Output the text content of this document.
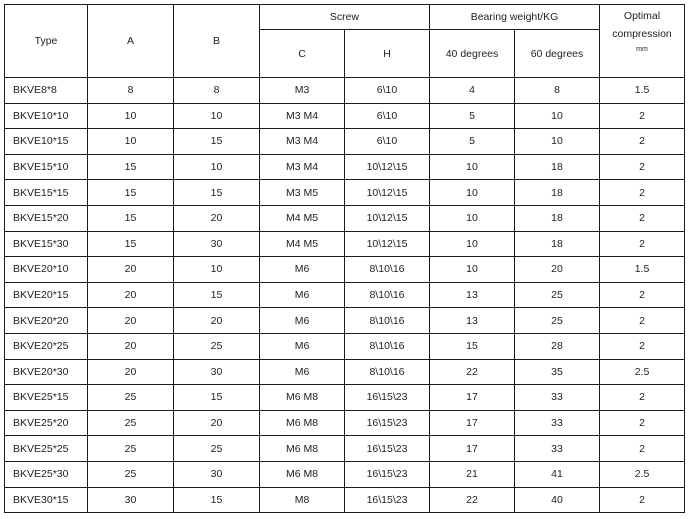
Type	A	B	Screw		Bearing weight/KG		Optimal
compression
mm

			C	H	40 degrees	60 degrees	
BKVE8*8	8	8	M3	6\10	4	8	1.5
BKVE10*10	10	10	M3 M4	6\10	5	10	2
BKVE10*15	10	15	M3 M4	6\10	5	10	2
BKVE15*10	15	10	M3 M4	10\12\15	10	18	2
BKVE15*15	15	15	M3 M5	10\12\15	10	18	2
BKVE15*20	15	20	M4 M5	10\12\15	10	18	2
BKVE15*30	15	30	M4 M5	10\12\15	10	18	2
BKVE20*10	20	10	M6	8\10\16	10	20	1.5
BKVE20*15	20	15	M6	8\10\16	13	25	2
BKVE20*20	20	20	M6	8\10\16	13	25	2
BKVE20*25	20	25	M6	8\10\16	15	28	2
BKVE20*30	20	30	M6	8\10\16	22	35	2.5
BKVE25*15	25	15	M6 M8	16\15\23	17	33	2
BKVE25*20	25	20	M6 M8	16\15\23	17	33	2
BKVE25*25	25	25	M6 M8	16\15\23	17	33	2
BKVE25*30	25	30	M6 M8	16\15\23	21	41	2.5
BKVE30*15	30	15	M8	16\15\23	22	40	2
